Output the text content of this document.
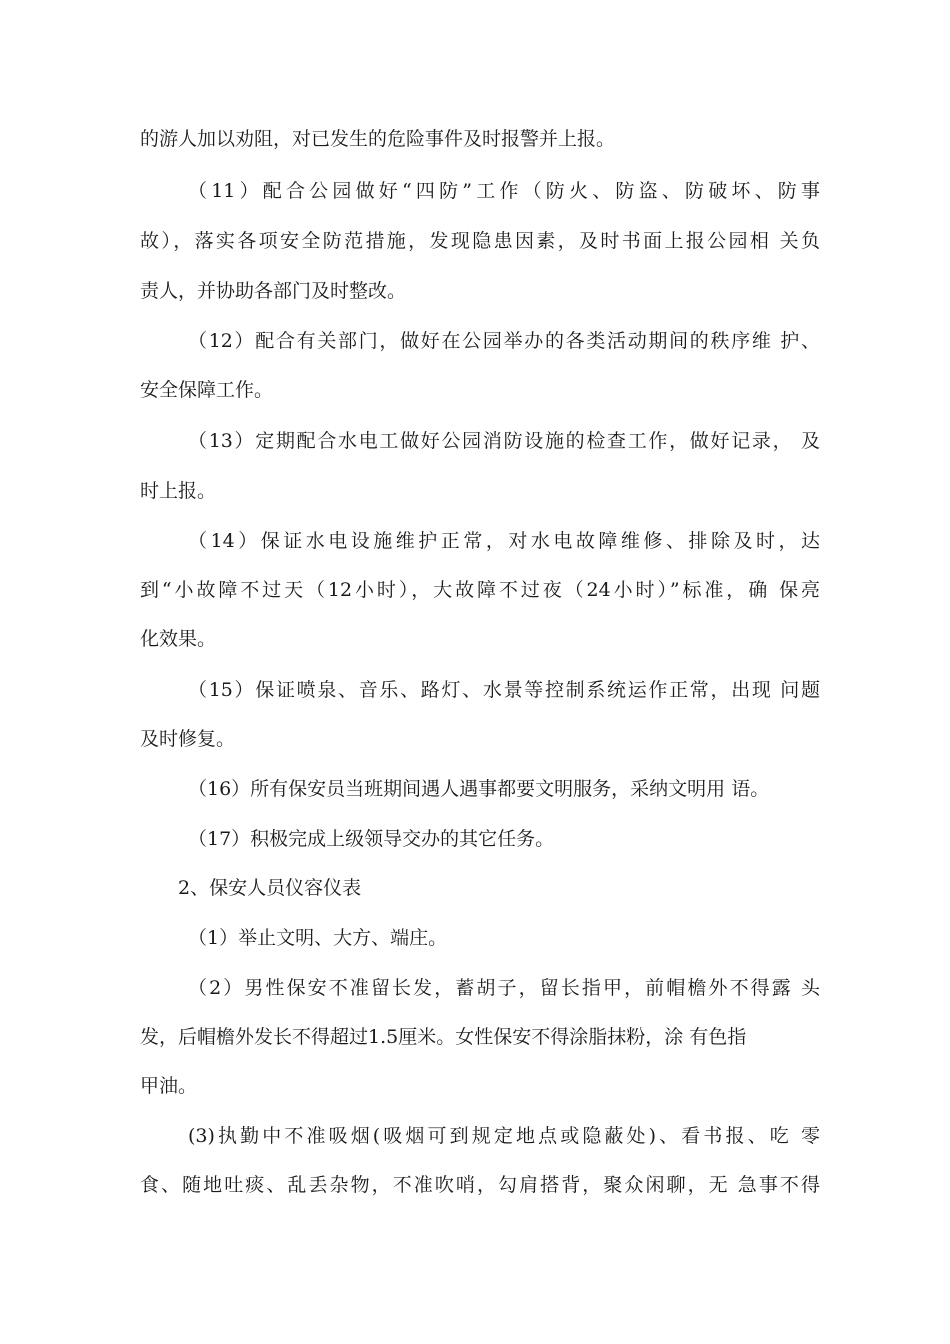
的游人加以劝阻，对已发生的危险事件及时报警并上报。
（11）配合公园做好“四防”工作（防火、防盗、防破坏、防事
故），落实各项安全防范措施，发现隐患因素，及时书面上报公园相 关负
责人，并协助各部门及时整改。
（12）配合有关部门，做好在公园举办的各类活动期间的秩序维 护、
安全保障工作。
（13）定期配合水电工做好公园消防设施的检查工作，做好记录， 及
时上报。
（14）保证水电设施维护正常，对水电故障维修、排除及时，达
到“小故障不过天（12小时），大故障不过夜（24小时）”标准，确 保亮
化效果。
（15）保证喷泉、音乐、路灯、水景等控制系统运作正常，出现 问题
及时修复。
（16）所有保安员当班期间遇人遇事都要文明服务，采纳文明用 语。
（17）积极完成上级领导交办的其它任务。
2、保安人员仪容仪表
（1）举止文明、大方、端庄。
（2）男性保安不准留长发，蓄胡子，留长指甲，前帽檐外不得露 头
发，后帽檐外发长不得超过1.5厘米。女性保安不得涂脂抹粉，涂 有色指
甲油。
(3)执勤中不准吸烟(吸烟可到规定地点或隐蔽处)、看书报、吃 零
食、随地吐痰、乱丢杂物，不准吹哨，勾肩搭背，聚众闲聊，无 急事不得
